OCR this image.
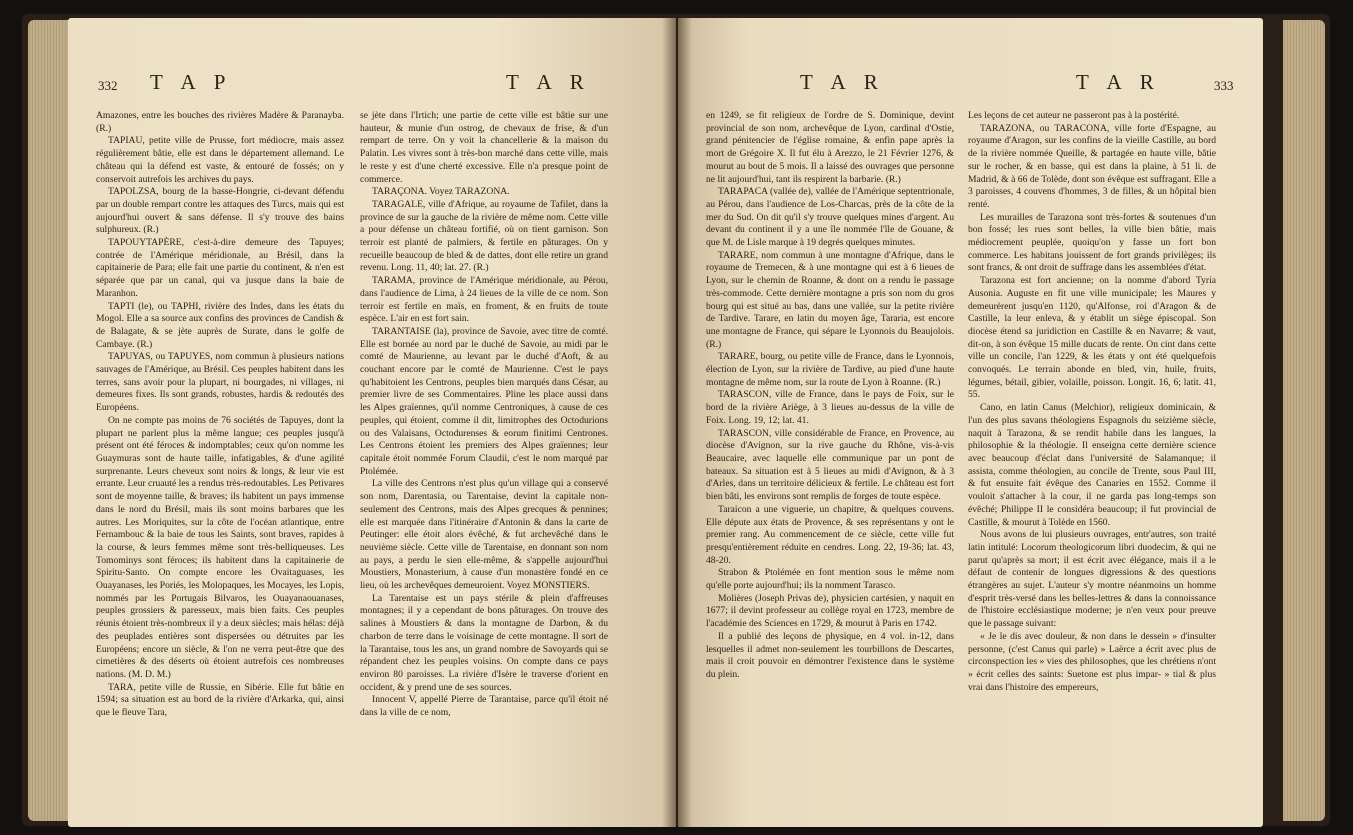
332 T A P	T A R

Amazones, entre les bouches des rivières Madère & Paranayba. (R.)

TAPIAU, petite ville de Prusse, fort médiocre, mais assez régulièrement bâtie, elle est dans le département allemand. Le château qui la défend est vaste, & entouré de fossés; on y conservoit autrefois les archives du pays.

TAPOLZSA, bourg de la basse-Hongrie, ci-devant défendu par un double rempart contre les attaques des Turcs, mais qui est aujourd'hui ouvert & sans défense. Il s'y trouve des bains sulphureux. (R.)

TAPOUYTAPÈRE, c'est-à-dire demeure des Tapuyes; contrée de l'Amérique méridionale, au Brésil, dans la capitainerie de Para; elle fait une partie du continent, & n'en est séparée que par un canal, qui va jusque dans la baie de Maranhon.

TAPTI (le), ou TAPHI, rivière des Indes, dans les états du Mogol. Elle a sa source aux confins des provinces de Candish & de Balagate, & se jète auprès de Surate, dans le golfe de Cambaye. (R.)

TAPUYAS, ou TAPUYES, nom commun à plusieurs nations sauvages de l'Amérique, au Brésil. Ces peuples habitent dans les terres, sans avoir pour la plupart, ni bourgades, ni villages, ni demeures fixes. Ils sont grands, robustes, hardis & redoutés des Européens.

On ne compte pas moins de 76 sociétés de Tapuyes, dont la plupart ne parlent plus la même langue; ces peuples jusqu'à présent ont été féroces & indomptables; ceux qu'on nomme les Guaymuras sont de haute taille, infatigables, & d'une agilité surprenante. Leurs cheveux sont noirs & longs, & leur vie est errante. Leur cruauté les a rendus très-redoutables. Les Petivares sont de moyenne taille, & braves; ils habitent un pays immense dans le nord du Brésil, mais ils sont moins barbares que les autres. Les Moriquites, sur la côte de l'océan atlantique, entre Fernambouc & la baie de tous les Saints, sont braves, rapides à la course, & leurs femmes même sont très-belliqueuses. Les Tomominys sont féroces; ils habitent dans la capitainerie de Spiritu-Santo. On compte encore les Ovaitaguases, les Ouayanases, les Poriés, les Molopaques, les Mocayes, les Lopis, nommés par les Portugais Bilvaros, les Ouayanaouanases, peuples grossiers & paresseux, mais bien faits. Ces peuples réunis étoient très-nombreux il y a deux siècles; mais hélas: déjà des peuplades entières sont dispersées ou détruites par les Européens; encore un siècle, & l'on ne verra peut-être que des cimetières & des déserts où étoient autrefois ces nombreuses nations. (M. D. M.)

TARA, petite ville de Russie, en Sibérie. Elle fut bâtie en 1594; sa situation est au bord de la rivière d'Arkarka, qui, ainsi que le fleuve Tara,

se jète dans l'Irtich; une partie de cette ville est bâtie sur une hauteur, & munie d'un ostrog, de chevaux de frise, & d'un rempart de terre. On y voit la chancellerie & la maison du Palatin. Les vivres sont à très-bon marché dans cette ville, mais le reste y est d'une cherté excessive. Elle n'a presque point de commerce.

TARAÇONA. Voyez TARAZONA.

TARAGALE, ville d'Afrique, au royaume de Tafilet, dans la province de sur la gauche de la rivière de même nom. Cette ville a pour défense un château fortifié, où on tient garnison. Son terroir est planté de palmiers, & fertile en pâturages. On y recueille beaucoup de bled & de dattes, dont elle retire un grand revenu. Long. 11, 40; lat. 27. (R.)

TARAMA, province de l'Amérique méridionale, au Pérou, dans l'audience de Lima, à 24 lieues de la ville de ce nom. Son terroir est fertile en maïs, en froment, & en fruits de toute espèce. L'air en est fort sain.

TARANTAISE (la), province de Savoie, avec titre de comté. Elle est bornée au nord par le duché de Savoie, au midi par le comté de Maurienne, au levant par le duché d'Aoft, & au couchant encore par le comté de Maurienne. C'est le pays qu'habitoient les Centrons, peuples bien marqués dans César, au premier livre de ses Commentaires. Pline les place aussi dans les Alpes graïennes, qu'il nomme Centroniques, à cause de ces peuples, qui étoient, comme il dit, limitrophes des Octodurions ou des Valaisans, Octodurenses & eorum finitimi Centrones. Les Centrons étoient les premiers des Alpes graïennes; leur capitale étoit nommée Forum Claudii, c'est le nom marqué par Ptolémée.

La ville des Centrons n'est plus qu'un village qui a conservé son nom, Darentasia, ou Tarentaise, devint la capitale non-seulement des Centrons, mais des Alpes grecques & pennines; elle est marquée dans l'itinéraire d'Antonin & dans la carte de Peutinger: elle étoit alors évêché, & fut archevêché dans le neuvième siècle. Cette ville de Tarentaise, en donnant son nom au pays, a perdu le sien elle-même, & s'appelle aujourd'hui Moustiers, Monasterium, à cause d'un monastère fondé en ce lieu, où les archevêques demeuroient. Voyez MONSTIERS.

La Tarentaise est un pays stérile & plein d'affreuses montagnes; il y a cependant de bons pâturages. On trouve des salines à Moustiers & dans la montagne de Darbon, & du charbon de terre dans le voisinage de cette montagne. Il sort de la Tarantaise, tous les ans, un grand nombre de Savoyards qui se répandent chez les peuples voisins. On compte dans ce pays environ 80 paroisses. La rivière d'Isère le traverse d'orient en occident, & y prend une de ses sources.

Innocent V, appellé Pierre de Tarantaise, parce qu'il étoit né dans la ville de ce nom,

T A R	T A R	333

en 1249, se fit religieux de l'ordre de S. Dominique, devint provincial de son nom, archevêque de Lyon, cardinal d'Ostie, grand pénitencier de l'église romaine, & enfin pape après la mort de Grégoire X. Il fut élu à Arezzo, le 21 Février 1276, & mourut au bout de 5 mois. Il a laissé des ouvrages que personne ne lit aujourd'hui, tant ils respirent la barbarie. (R.)

TARAPACA (vallée de), vallée de l'Amérique septentrionale, au Pérou, dans l'audience de Los-Charcas, près de la côte de la mer du Sud. On dit qu'il s'y trouve quelques mines d'argent. Au devant du continent il y a une île nommée l'île de Gouane, & que M. de Lisle marque à 19 degrés quelques minutes.

TARARE, nom commun à une montagne d'Afrique, dans le royaume de Tremecen, & à une montagne qui est à 6 lieues de Lyon, sur le chemin de Roanne, & dont on a rendu le passage très-commode. Cette dernière montagne a pris son nom du gros bourg qui est situé au bas, dans une vallée, sur la petite rivière de Tardive. Tarare, en latin du moyen âge, Tararia, est encore une montagne de France, qui sépare le Lyonnois du Beaujolois. (R.)

TARARE, bourg, ou petite ville de France, dans le Lyonnois, élection de Lyon, sur la rivière de Tardive, au pied d'une haute montagne de même nom, sur la route de Lyon à Roanne. (R.)

TARASCON, ville de France, dans le pays de Foix, sur le bord de la rivière Ariège, à 3 lieues au-dessus de la ville de Foix. Long. 19, 12; lat. 41.

TARASCON, ville considérable de France, en Provence, au diocèse d'Avignon, sur la rive gauche du Rhône, vis-à-vis Beaucaire, avec laquelle elle communique par un pont de bateaux. Sa situation est à 5 lieues au midi d'Avignon, & à 3 d'Arles, dans un territoire délicieux & fertile. Le château est fort bien bâti, les environs sont remplis de forges de toute espèce.

Taraicon a une viguerie, un chapitre, & quelques couvens. Elle députe aux états de Provence, & ses représentans y ont le premier rang. Au commencement de ce siècle, cette ville fut presqu'entièrement réduite en cendres. Long. 22, 19-36; lat. 43, 48-20.

Strabon & Ptolémée en font mention sous le même nom qu'elle porte aujourd'hui; ils la nomment Tarasco.

Molières (Joseph Privas de), physicien cartésien, y naquit en 1677; il devint professeur au collège royal en 1723, membre de l'académie des Sciences en 1729, & mourut à Paris en 1742.

Il a publié des leçons de physique, en 4 vol. in-12, dans lesquelles il admet non-seulement les tourbillons de Descartes, mais il croit pouvoir en démontrer l'existence dans le système du plein.

Les leçons de cet auteur ne passeront pas à la postérité.

TARAZONA, ou TARACONA, ville forte d'Espagne, au royaume d'Aragon, sur les confins de la vieille Castille, au bord de la rivière nommée Queille, & partagée en haute ville, bâtie sur le rocher, & en basse, qui est dans la plaine, à 51 li. de Madrid, & à 66 de Tolède, dont son évêque est suffragant. Elle a 3 paroisses, 4 couvens d'hommes, 3 de filles, & un hôpital bien renté.

Les murailles de Tarazona sont très-fortes & soutenues d'un bon fossé; les rues sont belles, la ville bien bâtie, mais médiocrement peuplée, quoiqu'on y fasse un fort bon commerce. Les habitans jouissent de fort grands privilèges; ils sont francs, & ont droit de suffrage dans les assemblées d'état.

Tarazona est fort ancienne; on la nomme d'abord Tyria Ausonia. Auguste en fit une ville municipale; les Maures y demeurèrent jusqu'en 1120, qu'Alfonse, roi d'Aragon & de Castille, la leur enleva, & y établit un siège épiscopal. Son diocèse étend sa juridiction en Castille & en Navarre; & vaut, dit-on, à son évêque 15 mille ducats de rente. On cint dans cette ville un concile, l'an 1229, & les états y ont été quelquefois convoqués. Le terrain abonde en bled, vin, huile, fruits, légumes, bétail, gibier, volaille, poisson. Longit. 16, 6; latit. 41, 55.

Cano, en latin Canus (Melchior), religieux dominicain, & l'un des plus savans théologiens Espagnols du seizième siècle, naquit à Tarazona, & se rendit habile dans les langues, la philosophie & la théologie. Il enseigna cette dernière science avec beaucoup d'éclat dans l'université de Salamanque; il assista, comme théologien, au concile de Trente, sous Paul III, & fut ensuite fait évêque des Canaries en 1552. Comme il vouloit s'attacher à la cour, il ne garda pas long-temps son évêché; Philippe II le considéra beaucoup; il fut provincial de Castille, & mourut à Tolède en 1560.

Nous avons de lui plusieurs ouvrages, entr'autres, son traité latin intitulé: Locorum theologicorum libri duodecim, & qui ne parut qu'après sa mort; il est écrit avec élégance, mais il a le défaut de contenir de longues digressions & des questions étrangères au sujet. L'auteur s'y montre néanmoins un homme d'esprit très-versé dans les belles-lettres & dans la connoissance de l'histoire ecclésiastique moderne; je n'en veux pour preuve que le passage suivant:

« Je le dis avec douleur, & non dans le dessein » d'insulter personne, (c'est Canus qui parle) » Laërce a écrit avec plus de circonspection les » vies des philosophes, que les chrétiens n'ont » écrit celles des saints: Suetone est plus impar- » tial & plus vrai dans l'histoire des empereurs,
